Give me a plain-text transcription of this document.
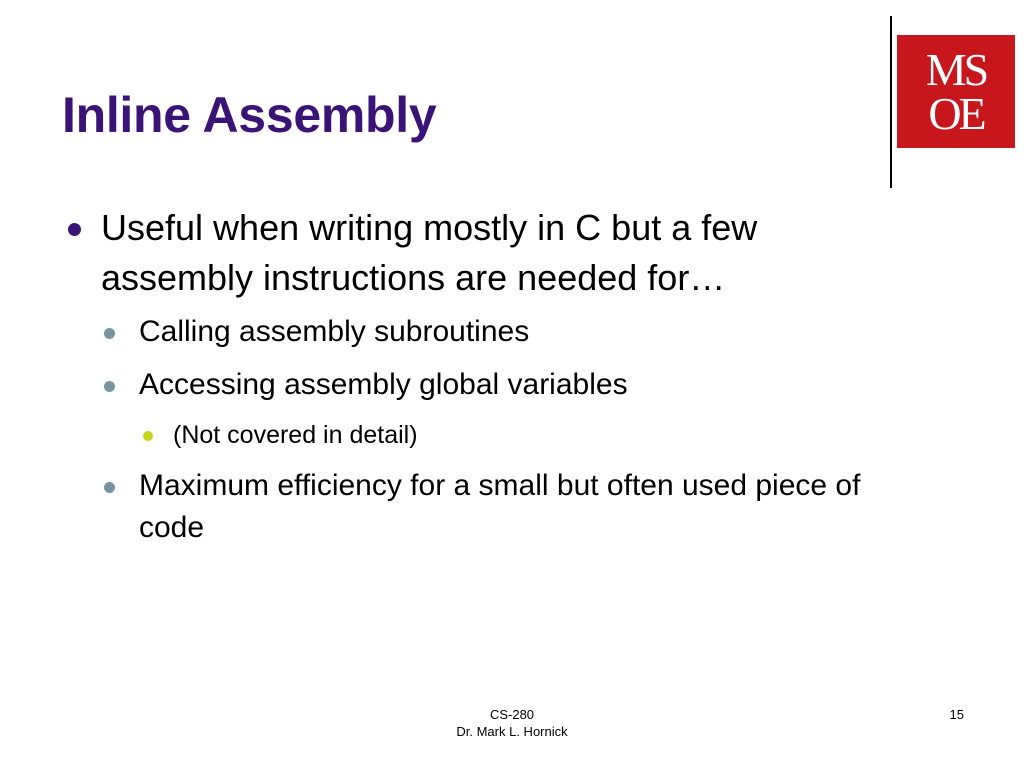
Inline Assembly
MS
OE
Useful when writing mostly in C but a few assembly instructions are needed for…
Calling assembly subroutines
Accessing assembly global variables
(Not covered in detail)
Maximum efficiency for a small but often used piece of code
CS-280
Dr. Mark L. Hornick
15
